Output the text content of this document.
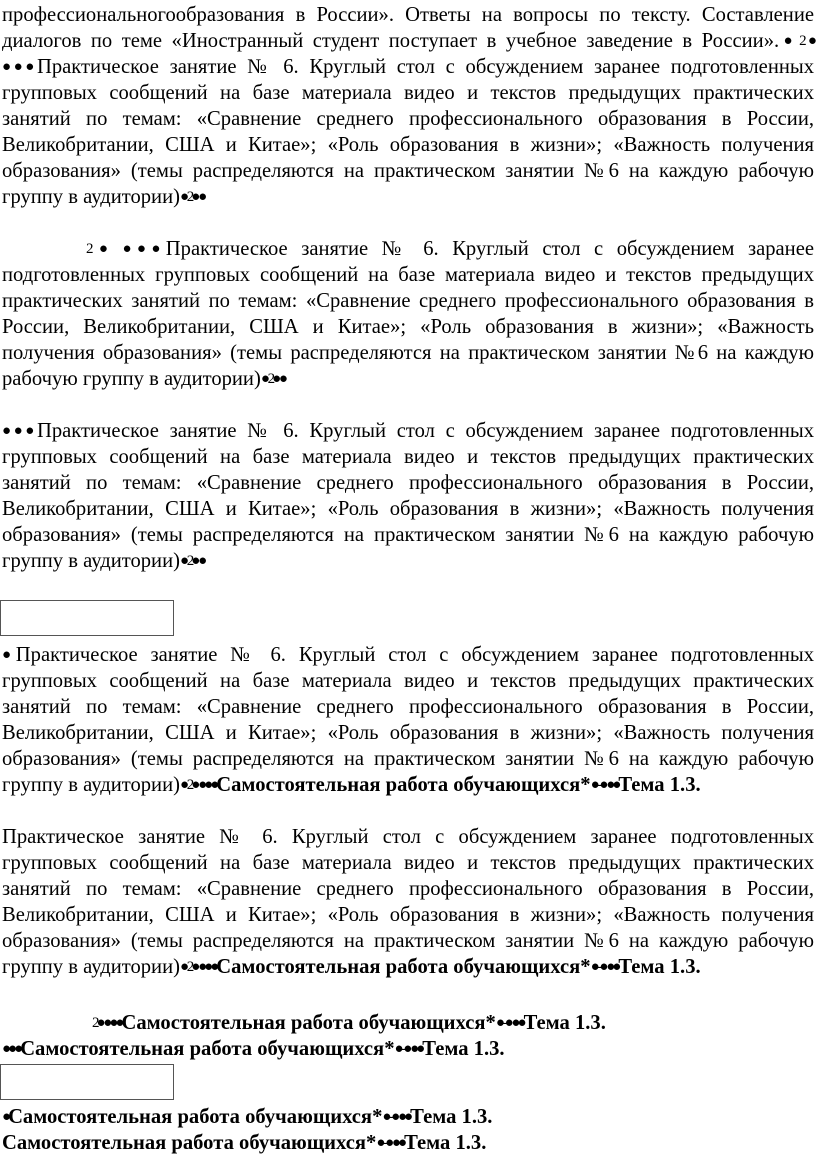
профессиональногообразования в России». Ответы на вопросы по тексту. Составление диалогов по теме «Иностранный студент поступает в учебное заведение в России».● 2● ●●●Практическое занятие № 6. Круглый стол с обсуждением заранее подготовленных групповых сообщений на базе материала видео и текстов предыдущих практических занятий по темам: «Сравнение среднего профессионального образования в России, Великобритании, США и Китае»; «Роль образования в жизни»; «Важность получения образования» (темы распределяются на практическом занятии №6 на каждую рабочую группу в аудитории)● 2● ●
2● ●●●Практическое занятие № 6. Круглый стол с обсуждением заранее подготовленных групповых сообщений на базе материала видео и текстов предыдущих практических занятий по темам: «Сравнение среднего профессионального образования в России, Великобритании, США и Китае»; «Роль образования в жизни»; «Важность получения образования» (темы распределяются на практическом занятии №6 на каждую рабочую группу в аудитории)● 2● ●
●●●Практическое занятие № 6. Круглый стол с обсуждением заранее подготовленных групповых сообщений на базе материала видео и текстов предыдущих практических занятий по темам: «Сравнение среднего профессионального образования в России, Великобритании, США и Китае»; «Роль образования в жизни»; «Важность получения образования» (темы распределяются на практическом занятии №6 на каждую рабочую группу в аудитории)● 2● ●
●Практическое занятие № 6. Круглый стол с обсуждением заранее подготовленных групповых сообщений на базе материала видео и текстов предыдущих практических занятий по темам: «Сравнение среднего профессионального образования в России, Великобритании, США и Китае»; «Роль образования в жизни»; «Важность получения образования» (темы распределяются на практическом занятии №6 на каждую рабочую группу в аудитории)● 2● ●●●Самостоятельная работа обучающихся*● -● ●●Тема 1.3.
Практическое занятие № 6. Круглый стол с обсуждением заранее подготовленных групповых сообщений на базе материала видео и текстов предыдущих практических занятий по темам: «Сравнение среднего профессионального образования в России, Великобритании, США и Китае»; «Роль образования в жизни»; «Важность получения образования» (темы распределяются на практическом занятии №6 на каждую рабочую группу в аудитории)● 2● ●●●Самостоятельная работа обучающихся*● -● ●●Тема 1.3.
2● ●●●Самостоятельная работа обучающихся*● -● ●●Тема 1.3.
●●●Самостоятельная работа обучающихся*● -● ●●Тема 1.3.
●Самостоятельная работа обучающихся*● -● ●●Тема 1.3.
Самостоятельная работа обучающихся*● -● ●●Тема 1.3.
